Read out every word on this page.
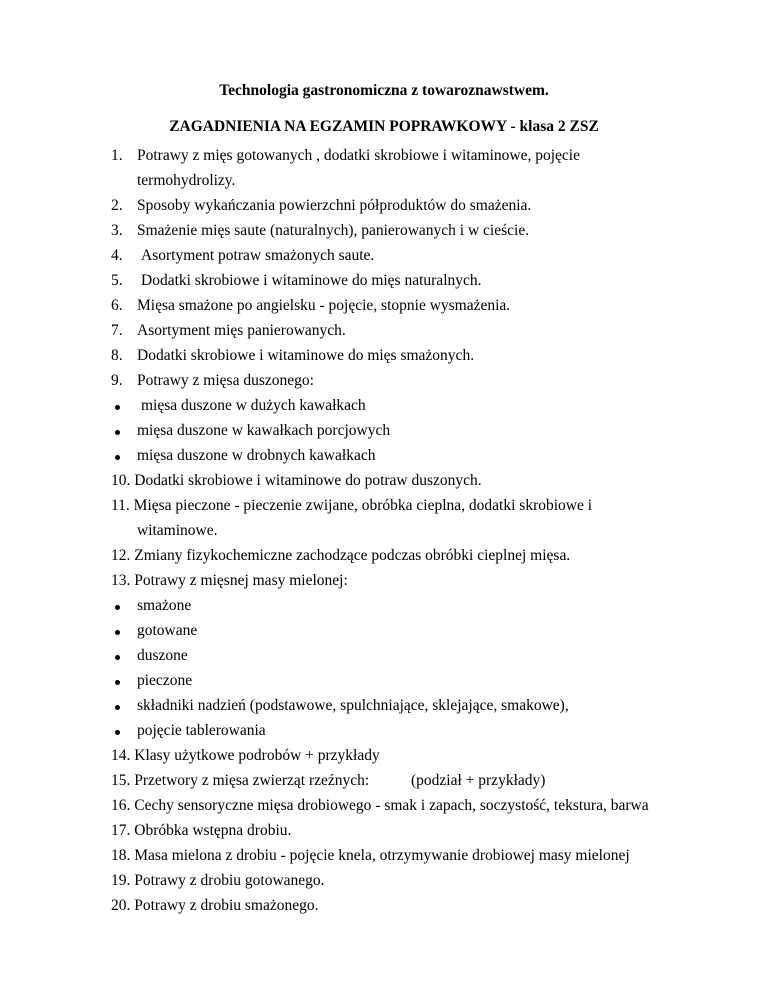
Technologia gastronomiczna z towaroznawstwem.
ZAGADNIENIA NA EGZAMIN POPRAWKOWY - klasa 2 ZSZ
1. Potrawy z mięs gotowanych , dodatki skrobiowe i witaminowe, pojęcie
termohydrolizy.
2. Sposoby wykańczania powierzchni półproduktów do smażenia.
3. Smażenie mięs saute (naturalnych), panierowanych i w cieście.
4. Asortyment potraw smażonych saute.
5. Dodatki skrobiowe i witaminowe do mięs naturalnych.
6. Mięsa smażone po angielsku - pojęcie, stopnie wysmażenia.
7. Asortyment mięs panierowanych.
8. Dodatki skrobiowe i witaminowe do mięs smażonych.
9. Potrawy z mięsa duszonego:
mięsa duszone w dużych kawałkach
mięsa duszone w kawałkach porcjowych
mięsa duszone w drobnych kawałkach
10. Dodatki skrobiowe i witaminowe do potraw duszonych.
11. Mięsa pieczone - pieczenie zwijane, obróbka cieplna, dodatki skrobiowe i
witaminowe.
12. Zmiany fizykochemiczne zachodzące podczas obróbki cieplnej mięsa.
13. Potrawy z mięsnej masy mielonej:
smażone
gotowane
duszone
pieczone
składniki nadzień (podstawowe, spulchniające, sklejające, smakowe),
pojęcie tablerowania
14. Klasy użytkowe podrobów + przykłady
15. Przetwory z mięsa zwierząt rzeźnych:	(podział + przykłady)
16. Cechy sensoryczne mięsa drobiowego - smak i zapach, soczystość, tekstura, barwa
17. Obróbka wstępna drobiu.
18. Masa mielona z drobiu - pojęcie knela, otrzymywanie drobiowej masy mielonej
19. Potrawy z drobiu gotowanego.
20. Potrawy z drobiu smażonego.
